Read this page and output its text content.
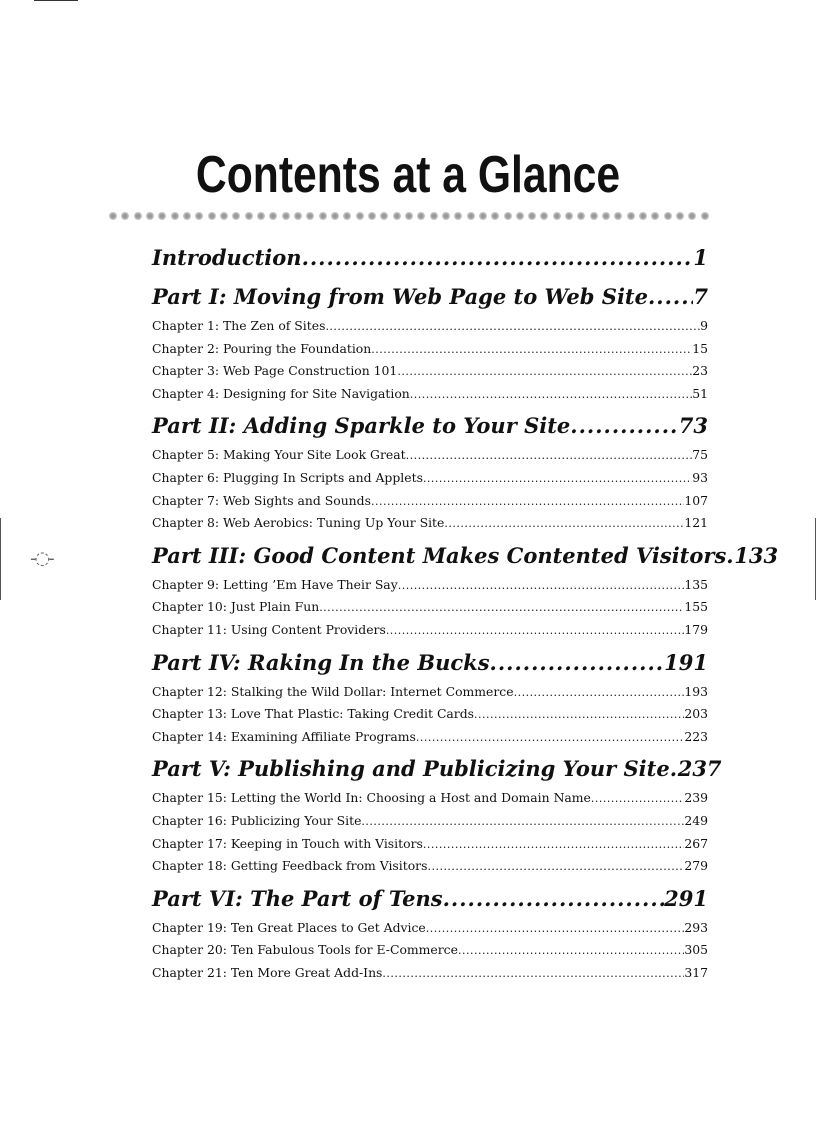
-◌-
Contents at a Glance
Introduction .....	1
Part I: Moving from Web Page to Web Site ..... 7
Chapter 1: The Zen of Sites .....	9
Chapter 2: Pouring the Foundation .....	15
Chapter 3: Web Page Construction 101 .....	23
Chapter 4: Designing for Site Navigation .....	51
Part II: Adding Sparkle to Your Site .....	73
Chapter 5: Making Your Site Look Great .....	75
Chapter 6: Plugging In Scripts and Applets .....	93
Chapter 7: Web Sights and Sounds .....	107
Chapter 8: Web Aerobics: Tuning Up Your Site .....	121
Part III: Good Content Makes Contented Visitors ..... 133
Chapter 9: Letting ’Em Have Their Say .....	135
Chapter 10: Just Plain Fun .....	155
Chapter 11: Using Content Providers .....	179
Part IV: Raking In the Bucks .....	191
Chapter 12: Stalking the Wild Dollar: Internet Commerce .....	193
Chapter 13: Love That Plastic: Taking Credit Cards .....	203
Chapter 14: Examining Affiliate Programs .....	223
Part V: Publishing and Publicizing Your Site ..... 237
Chapter 15: Letting the World In: Choosing a Host and Domain Name .....	239
Chapter 16: Publicizing Your Site .....	249
Chapter 17: Keeping in Touch with Visitors .....	267
Chapter 18: Getting Feedback from Visitors .....	279
Part VI: The Part of Tens .....	291
Chapter 19: Ten Great Places to Get Advice .....	293
Chapter 20: Ten Fabulous Tools for E-Commerce .....	305
Chapter 21: Ten More Great Add-Ins .....	317
